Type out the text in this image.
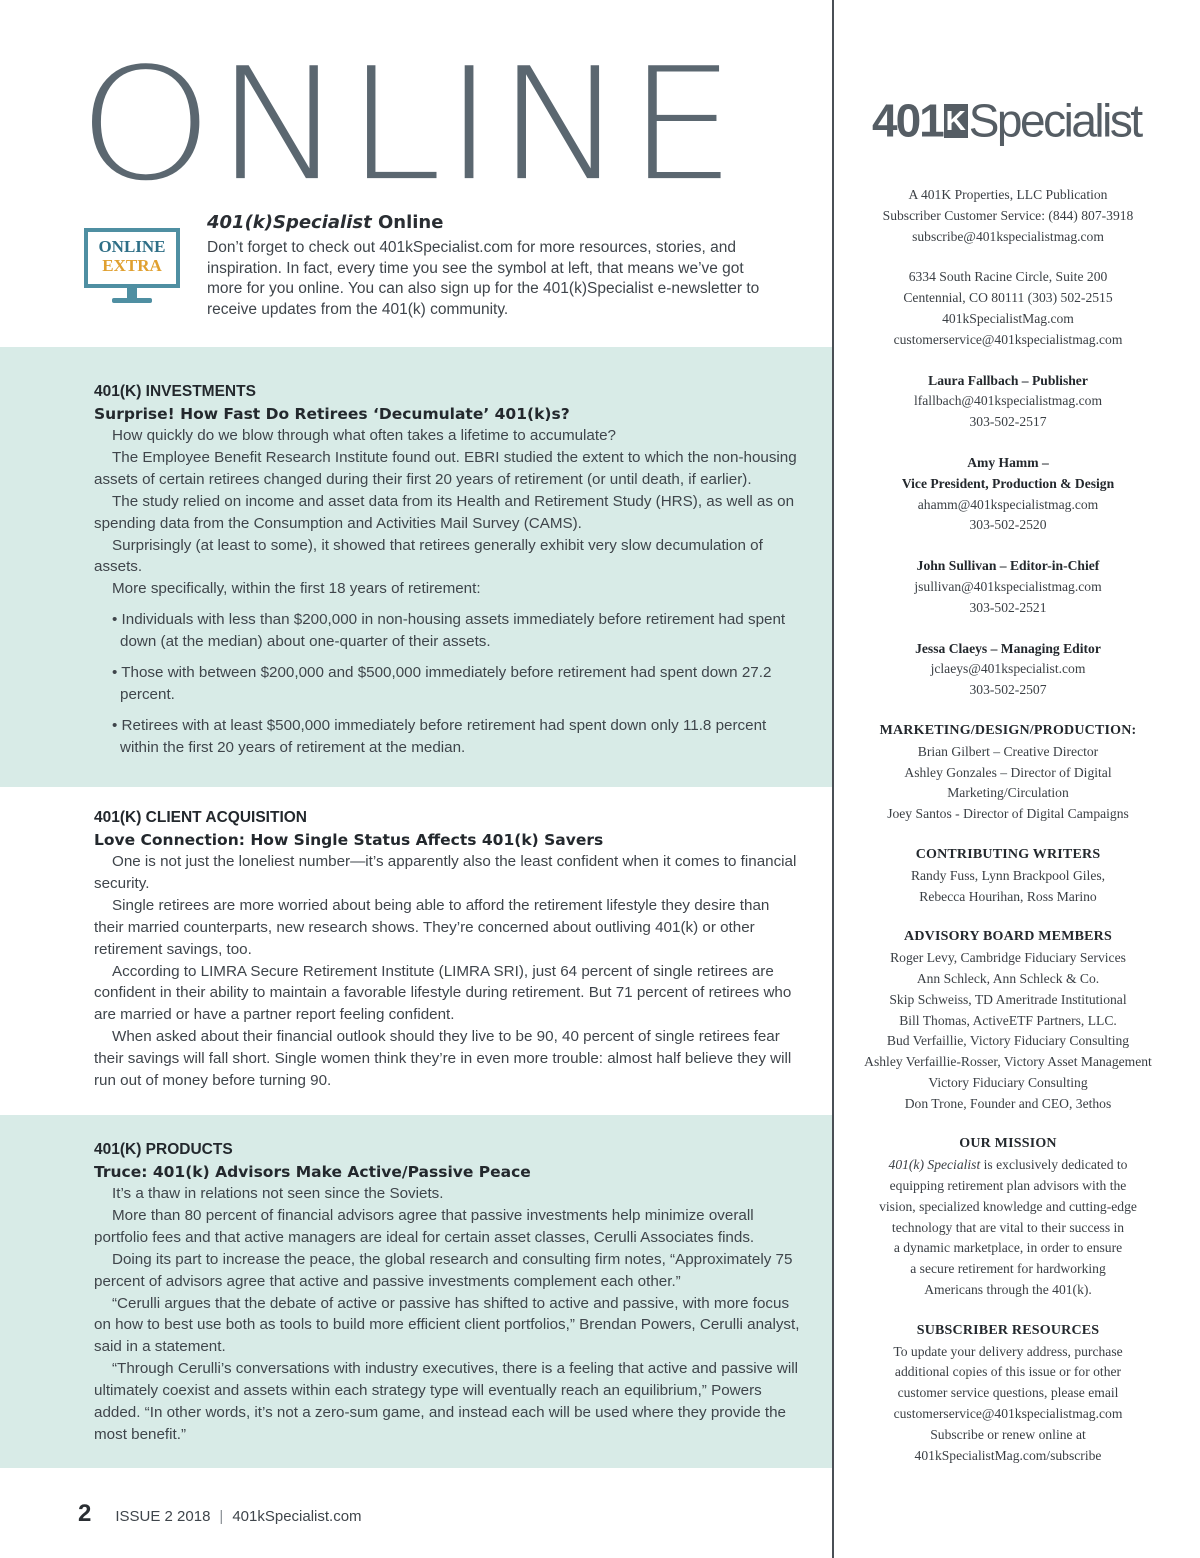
ONLINE
ONLINE
EXTRA
401(k)Specialist Online
Don’t forget to check out 401kSpecialist.com for more resources, stories, and inspiration. In fact, every time you see the symbol at left, that means we’ve got more for you online. You can also sign up for the 401(k)Specialist e-newsletter to receive updates from the 401(k) community.
401(K) INVESTMENTS
Surprise! How Fast Do Retirees ‘Decumulate’ 401(k)s?

How quickly do we blow through what often takes a lifetime to accumulate?

The Employee Benefit Research Institute found out. EBRI studied the extent to which the non-housing assets of certain retirees changed during their first 20 years of retirement (or until death, if earlier).

The study relied on income and asset data from its Health and Retirement Study (HRS), as well as on spending data from the Consumption and Activities Mail Survey (CAMS).

Surprisingly (at least to some), it showed that retirees generally exhibit very slow decumulation of assets.

More specifically, within the first 18 years of retirement:

• Individuals with less than $200,000 in non-housing assets immediately before retirement had spent down (at the median) about one-quarter of their assets.
• Those with between $200,000 and $500,000 immediately before retirement had spent down 27.2 percent.
• Retirees with at least $500,000 immediately before retirement had spent down only 11.8 percent within the first 20 years of retirement at the median.
401(K) CLIENT ACQUISITION
Love Connection: How Single Status Affects 401(k) Savers

One is not just the loneliest number—it’s apparently also the least confident when it comes to financial security.

Single retirees are more worried about being able to afford the retirement lifestyle they desire than their married counterparts, new research shows. They’re concerned about outliving 401(k) or other retirement savings, too.

According to LIMRA Secure Retirement Institute (LIMRA SRI), just 64 percent of single retirees are confident in their ability to maintain a favorable lifestyle during retirement. But 71 percent of retirees who are married or have a partner report feeling confident.

When asked about their financial outlook should they live to be 90, 40 percent of single retirees fear their savings will fall short. Single women think they’re in even more trouble: almost half believe they will run out of money before turning 90.

401(K) PRODUCTS
Truce: 401(k) Advisors Make Active/Passive Peace

It’s a thaw in relations not seen since the Soviets.

More than 80 percent of financial advisors agree that passive investments help minimize overall portfolio fees and that active managers are ideal for certain asset classes, Cerulli Associates finds.

Doing its part to increase the peace, the global research and consulting firm notes, “Approximately 75 percent of advisors agree that active and passive investments complement each other.”

“Cerulli argues that the debate of active or passive has shifted to active and passive, with more focus on how to best use both as tools to build more efficient client portfolios,” Brendan Powers, Cerulli analyst, said in a statement.

“Through Cerulli’s conversations with industry executives, there is a feeling that active and passive will ultimately coexist and assets within each strategy type will eventually reach an equilibrium,” Powers added. “In other words, it’s not a zero-sum game, and instead each will be used where they provide the most benefit.”

2 ISSUE 2 2018 | 401kSpecialist.com
401 KSpecialist
A 401K Properties, LLC Publication
Subscriber Customer Service: (844) 807-3918
subscribe@401kspecialistmag.com
6334 South Racine Circle, Suite 200
Centennial, CO 80111 (303) 502-2515
401kSpecialistMag.com
customerservice@401kspecialistmag.com
Laura Fallbach – Publisher
lfallbach@401kspecialistmag.com
303-502-2517
Amy Hamm –
Vice President, Production & Design
ahamm@401kspecialistmag.com
303-502-2520
John Sullivan – Editor-in-Chief
jsullivan@401kspecialistmag.com
303-502-2521
Jessa Claeys – Managing Editor
jclaeys@401kspecialist.com
303-502-2507
MARKETING/DESIGN/PRODUCTION:
Brian Gilbert – Creative Director
Ashley Gonzales – Director of Digital
Marketing/Circulation
Joey Santos - Director of Digital Campaigns
CONTRIBUTING WRITERS
Randy Fuss, Lynn Brackpool Giles,
Rebecca Hourihan, Ross Marino
ADVISORY BOARD MEMBERS
Roger Levy, Cambridge Fiduciary Services
Ann Schleck, Ann Schleck & Co.
Skip Schweiss, TD Ameritrade Institutional
Bill Thomas, ActiveETF Partners, LLC.
Bud Verfaillie, Victory Fiduciary Consulting
Ashley Verfaillie-Rosser, Victory Asset Management
Victory Fiduciary Consulting
Don Trone, Founder and CEO, 3ethos
OUR MISSION
401(k) Specialist is exclusively dedicated to
equipping retirement plan advisors with the
vision, specialized knowledge and cutting-edge
technology that are vital to their success in
a dynamic marketplace, in order to ensure
a secure retirement for hardworking
Americans through the 401(k).
SUBSCRIBER RESOURCES
To update your delivery address, purchase
additional copies of this issue or for other
customer service questions, please email
customerservice@401kspecialistmag.com
Subscribe or renew online at
401kSpecialistMag.com/subscribe
